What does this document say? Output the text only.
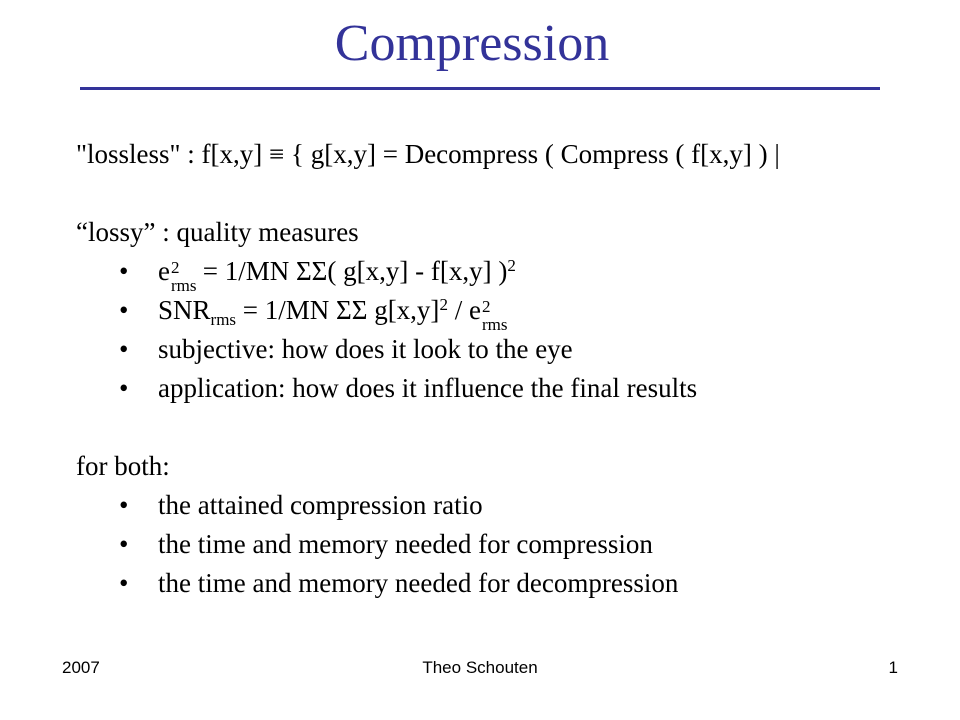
Compression
"lossless" : f[x,y] ≡ { g[x,y] = Decompress ( Compress ( f[x,y] ) |
“lossy” : quality measures
• e 2
rms = 1/MN ΣΣ( g[x,y] - f[x,y] )$^2$
• $SNR_{rms} = 1/MN$ ΣΣ $g[x,y]^2$ / e 2
rms
• subjective: how does it look to the eye
• application: how does it influence the final results
for both:
• the attained compression ratio
• the time and memory needed for compression
• the time and memory needed for decompression
2007	Theo Schouten	1
